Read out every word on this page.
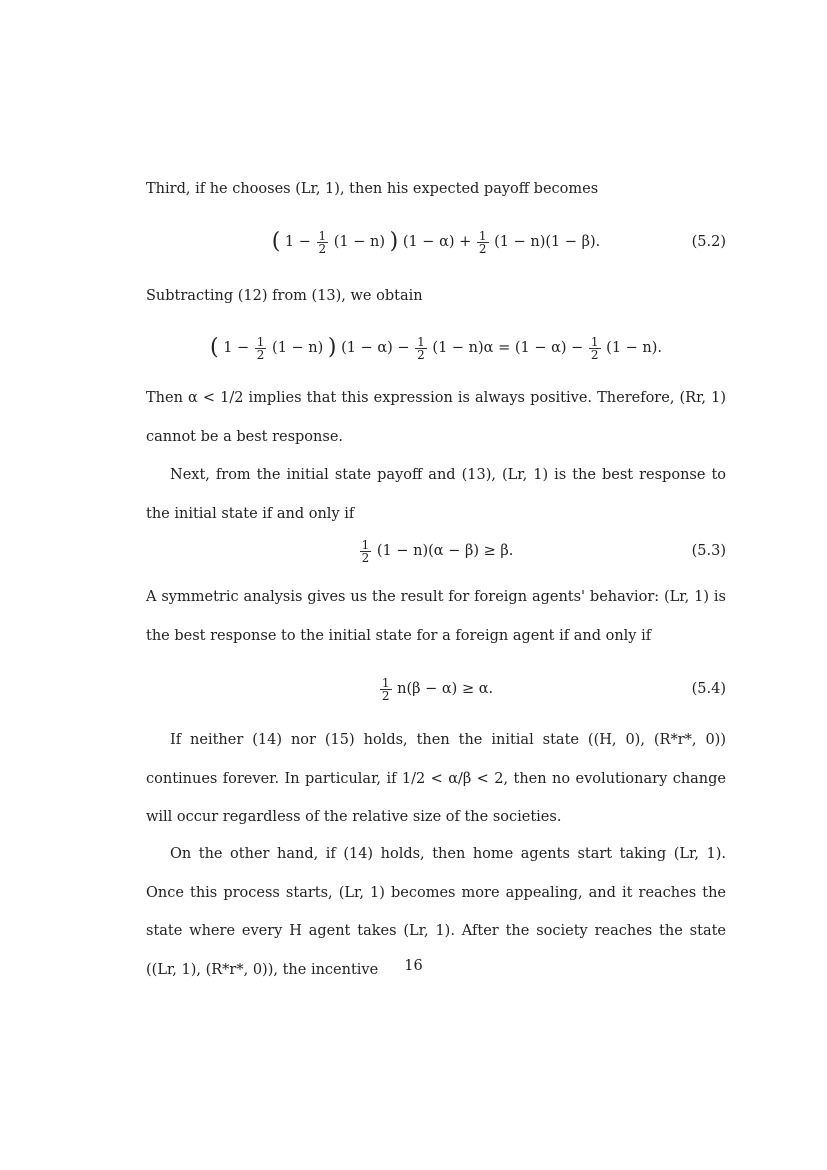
Third, if he chooses (Lr, 1), then his expected payoff becomes

( $1 - \frac{1}{2} (1 - n)$ ) $(1 - \alpha) + \frac{1}{2} (1 - n)(1 - \beta)$.	(5.2)

Subtracting (12) from (13), we obtain

( $1 - \frac{1}{2} (1 - n)$ ) $(1 - \alpha) - \frac{1}{2} (1 - n)\alpha = (1 - \alpha) - \frac{1}{2} (1 - n)$.

Then α < 1/2 implies that this expression is always positive. Therefore, (Rr, 1) cannot be a best response.

Next, from the initial state payoff and (13), (Lr, 1) is the best response to the initial state if and only if

$\frac{1}{2} (1 - n)(\alpha - \beta) \ge \beta$.	(5.3)

A symmetric analysis gives us the result for foreign agents' behavior: (Lr, 1) is the best response to the initial state for a foreign agent if and only if

$\frac{1}{2} n(\beta - \alpha) \ge \alpha$.	(5.4)

If neither (14) nor (15) holds, then the initial state ((H, 0), (R*r*, 0)) continues forever. In particular, if 1/2 < α/β < 2, then no evolutionary change will occur regardless of the relative size of the societies.

On the other hand, if (14) holds, then home agents start taking (Lr, 1). Once this process starts, (Lr, 1) becomes more appealing, and it reaches the state where every H agent takes (Lr, 1). After the society reaches the state ((Lr, 1), (R*r*, 0)), the incentive	16
